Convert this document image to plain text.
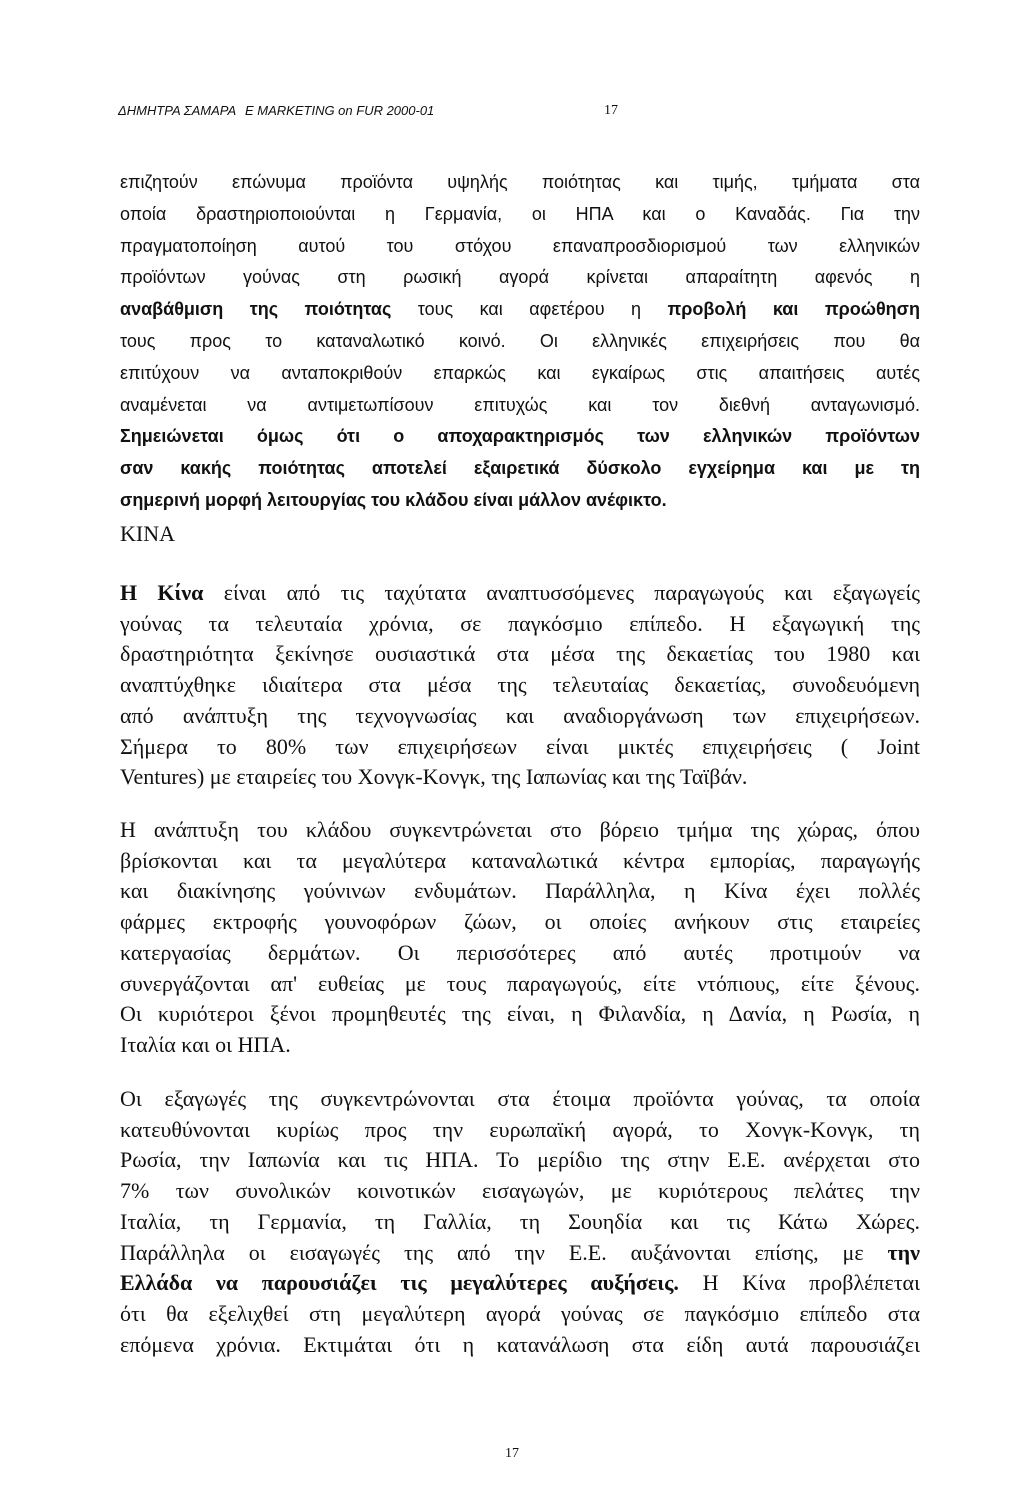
ΔΗΜΗΤΡΑ ΣΑΜΑΡΑ E MARKETING on FUR 2000-01	17
επιζητούν επώνυμα προϊόντα υψηλής ποιότητας και τιμής, τμήματα στα
οποία δραστηριοποιούνται η Γερμανία, οι ΗΠΑ και ο Καναδάς. Για την
πραγματοποίηση αυτού του στόχου επαναπροσδιορισμού των ελληνικών
προϊόντων γούνας στη ρωσική αγορά κρίνεται απαραίτητη αφενός η
αναβάθμιση της ποιότητας τους και αφετέρου η προβολή και προώθηση
τους προς το καταναλωτικό κοινό. Οι ελληνικές επιχειρήσεις που θα
επιτύχουν να ανταποκριθούν επαρκώς και εγκαίρως στις απαιτήσεις αυτές
αναμένεται να αντιμετωπίσουν επιτυχώς και τον διεθνή ανταγωνισμό.
Σημειώνεται όμως ότι ο αποχαρακτηρισμός των ελληνικών προϊόντων
σαν κακής ποιότητας αποτελεί εξαιρετικά δύσκολο εγχείρημα και με τη
σημερινή μορφή λειτουργίας του κλάδου είναι μάλλον ανέφικτο.
ΚΙΝΑ
Η Κίνα είναι από τις ταχύτατα αναπτυσσόμενες παραγωγούς και εξαγωγείς
γούνας τα τελευταία χρόνια, σε παγκόσμιο επίπεδο. Η εξαγωγική της
δραστηριότητα ξεκίνησε ουσιαστικά στα μέσα της δεκαετίας του 1980 και
αναπτύχθηκε ιδιαίτερα στα μέσα της τελευταίας δεκαετίας, συνοδευόμενη
από ανάπτυξη της τεχνογνωσίας και αναδιοργάνωση των επιχειρήσεων.
Σήμερα το 80% των επιχειρήσεων είναι μικτές επιχειρήσεις ( Joint
Ventures) με εταιρείες του Χονγκ-Κονγκ, της Ιαπωνίας και της Ταϊβάν.
Η ανάπτυξη του κλάδου συγκεντρώνεται στο βόρειο τμήμα της χώρας, όπου
βρίσκονται και τα μεγαλύτερα καταναλωτικά κέντρα εμπορίας, παραγωγής
και διακίνησης γούνινων ενδυμάτων. Παράλληλα, η Κίνα έχει πολλές
φάρμες εκτροφής γουνοφόρων ζώων, οι οποίες ανήκουν στις εταιρείες
κατεργασίας δερμάτων. Οι περισσότερες από αυτές προτιμούν να
συνεργάζονται απ' ευθείας με τους παραγωγούς, είτε ντόπιους, είτε ξένους.
Οι κυριότεροι ξένοι προμηθευτές της είναι, η Φιλανδία, η Δανία, η Ρωσία, η
Ιταλία και οι ΗΠΑ.
Οι εξαγωγές της συγκεντρώνονται στα έτοιμα προϊόντα γούνας, τα οποία
κατευθύνονται κυρίως προς την ευρωπαϊκή αγορά, το Χονγκ-Κονγκ, τη
Ρωσία, την Ιαπωνία και τις ΗΠΑ. Το μερίδιο της στην Ε.Ε. ανέρχεται στο
7% των συνολικών κοινοτικών εισαγωγών, με κυριότερους πελάτες την
Ιταλία, τη Γερμανία, τη Γαλλία, τη Σουηδία και τις Κάτω Χώρες.
Παράλληλα οι εισαγωγές της από την Ε.Ε. αυξάνονται επίσης, με την
Ελλάδα να παρουσιάζει τις μεγαλύτερες αυξήσεις. Η Κίνα προβλέπεται
ότι θα εξελιχθεί στη μεγαλύτερη αγορά γούνας σε παγκόσμιο επίπεδο στα
επόμενα χρόνια. Εκτιμάται ότι η κατανάλωση στα είδη αυτά παρουσιάζει
17
